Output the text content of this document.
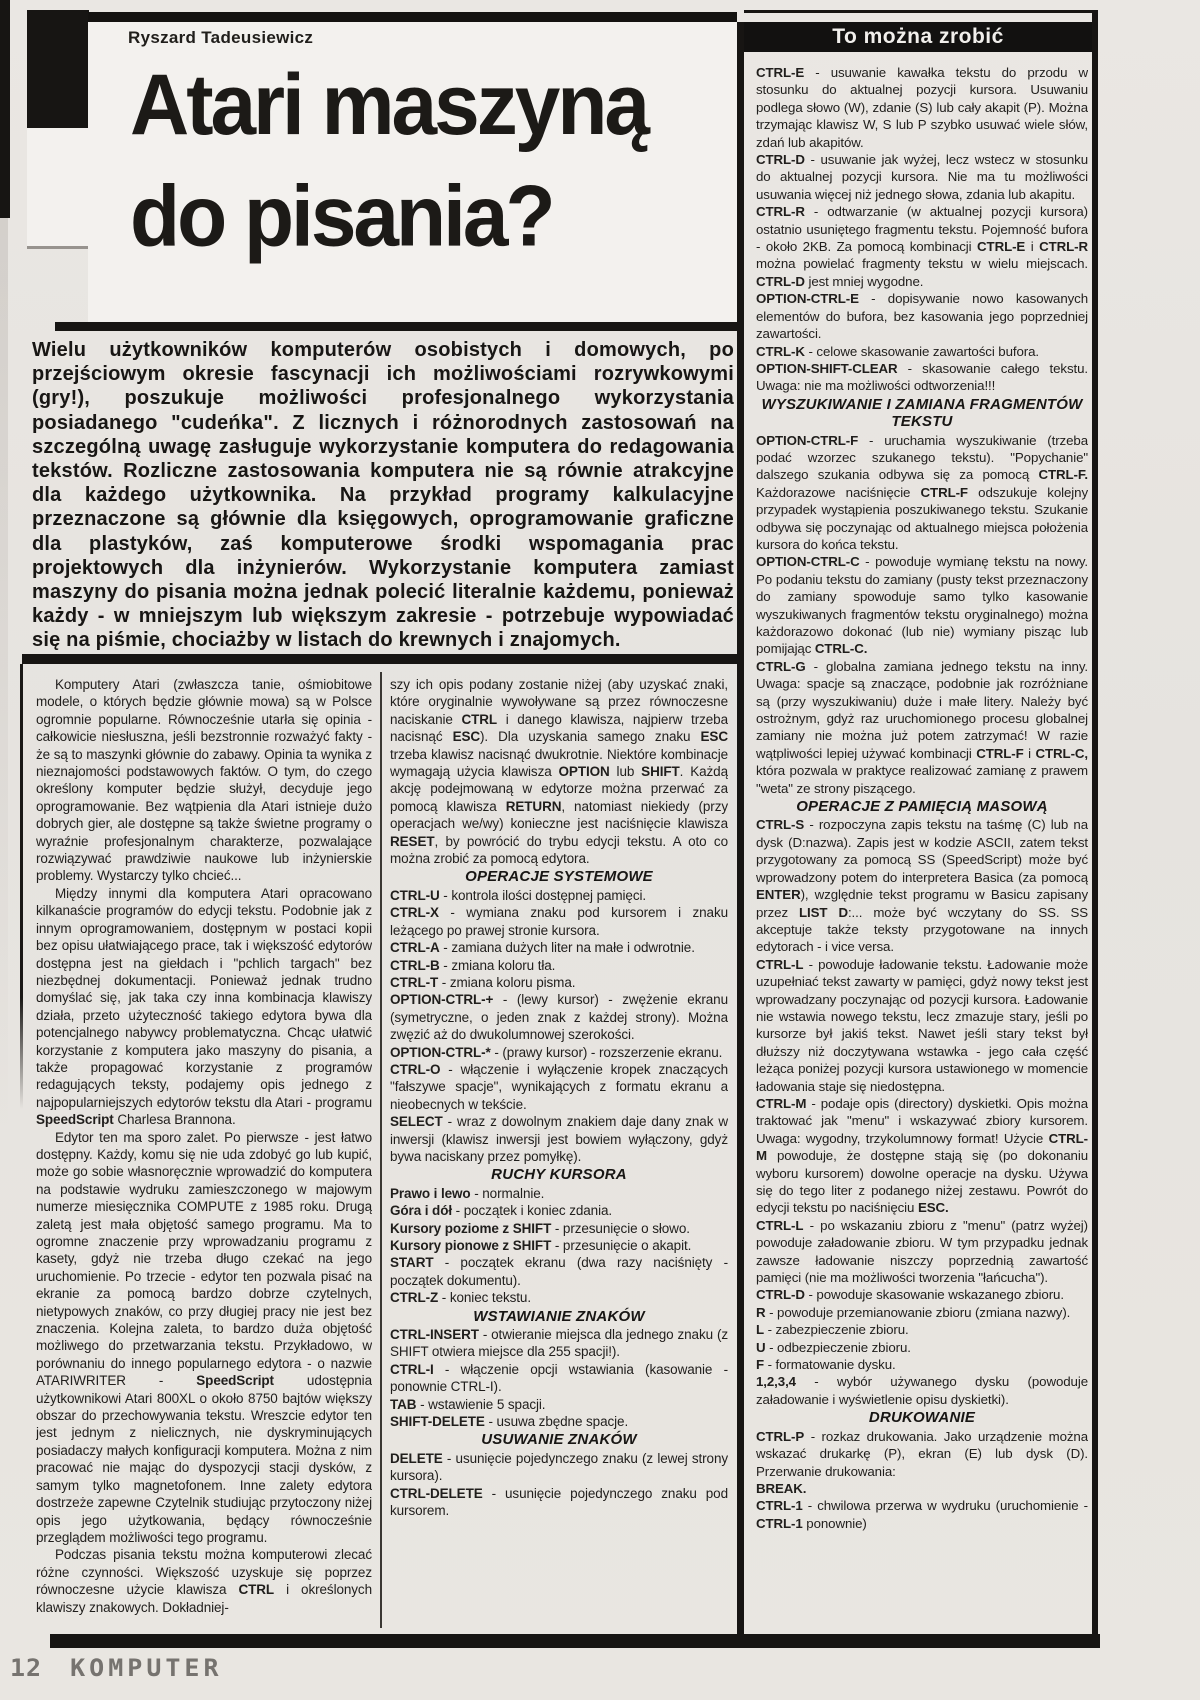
Ryszard Tadeusiewicz
Atari maszyną
do pisania?
Wielu użytkowników komputerów osobistych i domowych, po przejściowym okresie fascynacji ich możliwościami rozrywkowymi (gry!), poszukuje możliwości profesjonalnego wykorzystania posiadanego "cudeńka". Z licznych i różnorodnych zastosowań na szczególną uwagę zasługuje wykorzystanie komputera do redagowania tekstów. Rozliczne zastosowania komputera nie są równie atrakcyjne dla każdego użytkownika. Na przykład programy kalkulacyjne przeznaczone są głównie dla księgowych, oprogramowanie graficzne dla plastyków, zaś komputerowe środki wspomagania prac projektowych dla inżynierów. Wykorzystanie komputera zamiast maszyny do pisania można jednak polecić literalnie każdemu, ponieważ każdy - w mniejszym lub większym zakresie - potrzebuje wypowiadać się na piśmie, chociażby w listach do krewnych i znajomych.

Komputery Atari (zwłaszcza tanie, ośmiobitowe modele, o których będzie głównie mowa) są w Polsce ogromnie popularne. Równocześnie utarła się opinia - całkowicie niesłuszna, jeśli bezstronnie rozważyć fakty - że są to maszynki głównie do zabawy. Opinia ta wynika z nieznajomości podstawowych faktów. O tym, do czego określony komputer będzie służył, decyduje jego oprogramowanie. Bez wątpienia dla Atari istnieje dużo dobrych gier, ale dostępne są także świetne programy o wyraźnie profesjonalnym charakterze, pozwalające rozwiązywać prawdziwie naukowe lub inżynierskie problemy. Wystarczy tylko chcieć...

Między innymi dla komputera Atari opracowano kilkanaście programów do edycji tekstu. Podobnie jak z innym oprogramowaniem, dostępnym w postaci kopii bez opisu ułatwiającego prace, tak i większość edytorów dostępna jest na giełdach i "pchlich targach" bez niezbędnej dokumentacji. Ponieważ jednak trudno domyślać się, jak taka czy inna kombinacja klawiszy działa, przeto użyteczność takiego edytora bywa dla potencjalnego nabywcy problematyczna. Chcąc ułatwić korzystanie z komputera jako maszyny do pisania, a także propagować korzystanie z programów redagujących teksty, podajemy opis jednego z najpopularniejszych edytorów tekstu dla Atari - programu SpeedScript Charlesa Brannona.

Edytor ten ma sporo zalet. Po pierwsze - jest łatwo dostępny. Każdy, komu się nie uda zdobyć go lub kupić, może go sobie własnoręcznie wprowadzić do komputera na podstawie wydruku zamieszczonego w majowym numerze miesięcznika COMPUTE z 1985 roku. Drugą zaletą jest mała objętość samego programu. Ma to ogromne znaczenie przy wprowadzaniu programu z kasety, gdyż nie trzeba długo czekać na jego uruchomienie. Po trzecie - edytor ten pozwala pisać na ekranie za pomocą bardzo dobrze czytelnych, nietypowych znaków, co przy długiej pracy nie jest bez znaczenia. Kolejna zaleta, to bardzo duża objętość możliwego do przetwarzania tekstu. Przykładowo, w porównaniu do innego popularnego edytora - o nazwie ATARIWRITER - SpeedScript udostępnia użytkownikowi Atari 800XL o około 8750 bajtów większy obszar do przechowywania tekstu. Wreszcie edytor ten jest jednym z nielicznych, nie dyskryminujących posiadaczy małych konfiguracji komputera. Można z nim pracować nie mając do dyspozycji stacji dysków, z samym tylko magnetofonem. Inne zalety edytora dostrzeże zapewne Czytelnik studiując przytoczony niżej opis jego użytkowania, będący równocześnie przeglądem możliwości tego programu.

Podczas pisania tekstu można komputerowi zlecać różne czynności. Większość uzyskuje się poprzez równoczesne użycie klawisza CTRL i określonych klawiszy znakowych. Dokładniej-

szy ich opis podany zostanie niżej (aby uzyskać znaki, które oryginalnie wywoływane są przez równoczesne naciskanie CTRL i danego klawisza, najpierw trzeba nacisnąć ESC). Dla uzyskania samego znaku ESC trzeba klawisz nacisnąć dwukrotnie. Niektóre kombinacje wymagają użycia klawisza OPTION lub SHIFT. Każdą akcję podejmowaną w edytorze można przerwać za pomocą klawisza RETURN, natomiast niekiedy (przy operacjach we/wy) konieczne jest naciśnięcie klawisza RESET, by powrócić do trybu edycji tekstu. A oto co można zrobić za pomocą edytora.

OPERACJE SYSTEMOWE

CTRL-U - kontrola ilości dostępnej pamięci.

CTRL-X - wymiana znaku pod kursorem i znaku leżącego po prawej stronie kursora.

CTRL-A - zamiana dużych liter na małe i odwrotnie.

CTRL-B - zmiana koloru tła.

CTRL-T - zmiana koloru pisma.

OPTION-CTRL-+ - (lewy kursor) - zwężenie ekranu (symetryczne, o jeden znak z każdej strony). Można zwęzić aż do dwukolumnowej szerokości.

OPTION-CTRL-* - (prawy kursor) - rozszerzenie ekranu.

CTRL-O - włączenie i wyłączenie kropek znaczących "fałszywe spacje", wynikających z formatu ekranu a nieobecnych w tekście.

SELECT - wraz z dowolnym znakiem daje dany znak w inwersji (klawisz inwersji jest bowiem wyłączony, gdyż bywa naciskany przez pomyłkę).

RUCHY KURSORA

Prawo i lewo - normalnie.

Góra i dół - początek i koniec zdania.

Kursory poziome z SHIFT - przesunięcie o słowo.

Kursory pionowe z SHIFT - przesunięcie o akapit.

START - początek ekranu (dwa razy naciśnięty - początek dokumentu).

CTRL-Z - koniec tekstu.

WSTAWIANIE ZNAKÓW

CTRL-INSERT - otwieranie miejsca dla jednego znaku (z SHIFT otwiera miejsce dla 255 spacji!).

CTRL-I - włączenie opcji wstawiania (kasowanie - ponownie CTRL-I).

TAB - wstawienie 5 spacji.

SHIFT-DELETE - usuwa zbędne spacje.

USUWANIE ZNAKÓW

DELETE - usunięcie pojedynczego znaku (z lewej strony kursora).

CTRL-DELETE - usunięcie pojedynczego znaku pod kursorem.

To można zrobić

CTRL-E - usuwanie kawałka tekstu do przodu w stosunku do aktualnej pozycji kursora. Usuwaniu podlega słowo (W), zdanie (S) lub cały akapit (P). Można trzymając klawisz W, S lub P szybko usuwać wiele słów, zdań lub akapitów.

CTRL-D - usuwanie jak wyżej, lecz wstecz w stosunku do aktualnej pozycji kursora. Nie ma tu możliwości usuwania więcej niż jednego słowa, zdania lub akapitu.

CTRL-R - odtwarzanie (w aktualnej pozycji kursora) ostatnio usuniętego fragmentu tekstu. Pojemność bufora - około 2KB. Za pomocą kombinacji CTRL-E i CTRL-R można powielać fragmenty tekstu w wielu miejscach. CTRL-D jest mniej wygodne.

OPTION-CTRL-E - dopisywanie nowo kasowanych elementów do bufora, bez kasowania jego poprzedniej zawartości.

CTRL-K - celowe skasowanie zawartości bufora.

OPTION-SHIFT-CLEAR - skasowanie całego tekstu. Uwaga: nie ma możliwości odtworzenia!!!

WYSZUKIWANIE I ZAMIANA FRAGMENTÓW TEKSTU

OPTION-CTRL-F - uruchamia wyszukiwanie (trzeba podać wzorzec szukanego tekstu). "Popychanie" dalszego szukania odbywa się za pomocą CTRL-F. Każdorazowe naciśnięcie CTRL-F odszukuje kolejny przypadek wystąpienia poszukiwanego tekstu. Szukanie odbywa się poczynając od aktualnego miejsca położenia kursora do końca tekstu.

OPTION-CTRL-C - powoduje wymianę tekstu na nowy. Po podaniu tekstu do zamiany (pusty tekst przeznaczony do zamiany spowoduje samo tylko kasowanie wyszukiwanych fragmentów tekstu oryginalnego) można każdorazowo dokonać (lub nie) wymiany pisząc lub pomijając CTRL-C.

CTRL-G - globalna zamiana jednego tekstu na inny. Uwaga: spacje są znaczące, podobnie jak rozróżniane są (przy wyszukiwaniu) duże i małe litery. Należy być ostrożnym, gdyż raz uruchomionego procesu globalnej zamiany nie można już potem zatrzymać! W razie wątpliwości lepiej używać kombinacji CTRL-F i CTRL-C, która pozwala w praktyce realizować zamianę z prawem "weta" ze strony piszącego.

OPERACJE Z PAMIĘCIĄ MASOWĄ

CTRL-S - rozpoczyna zapis tekstu na taśmę (C) lub na dysk (D:nazwa). Zapis jest w kodzie ASCII, zatem tekst przygotowany za pomocą SS (SpeedScript) może być wprowadzony potem do interpretera Basica (za pomocą ENTER), względnie tekst programu w Basicu zapisany przez LIST D:... może być wczytany do SS. SS akceptuje także teksty przygotowane na innych edytorach - i vice versa.

CTRL-L - powoduje ładowanie tekstu. Ładowanie może uzupełniać tekst zawarty w pamięci, gdyż nowy tekst jest wprowadzany poczynając od pozycji kursora. Ładowanie nie wstawia nowego tekstu, lecz zmazuje stary, jeśli po kursorze był jakiś tekst. Nawet jeśli stary tekst był dłuższy niż doczytywana wstawka - jego cała część leżąca poniżej pozycji kursora ustawionego w momencie ładowania staje się niedostępna.

CTRL-M - podaje opis (directory) dyskietki. Opis można traktować jak "menu" i wskazywać zbiory kursorem. Uwaga: wygodny, trzykolumnowy format! Użycie CTRL-M powoduje, że dostępne stają się (po dokonaniu wyboru kursorem) dowolne operacje na dysku. Używa się do tego liter z podanego niżej zestawu. Powrót do edycji tekstu po naciśnięciu ESC.

CTRL-L - po wskazaniu zbioru z "menu" (patrz wyżej) powoduje załadowanie zbioru. W tym przypadku jednak zawsze ładowanie niszczy poprzednią zawartość pamięci (nie ma możliwości tworzenia "łańcucha").

CTRL-D - powoduje skasowanie wskazanego zbioru.

R - powoduje przemianowanie zbioru (zmiana nazwy).

L - zabezpieczenie zbioru.

U - odbezpieczenie zbioru.

F - formatowanie dysku.

1,2,3,4 - wybór używanego dysku (powoduje załadowanie i wyświetlenie opisu dyskietki).

DRUKOWANIE

CTRL-P - rozkaz drukowania. Jako urządzenie można wskazać drukarkę (P), ekran (E) lub dysk (D). Przerwanie drukowania:

BREAK.

CTRL-1 - chwilowa przerwa w wydruku (uruchomienie - CTRL-1 ponownie)

12 KOMPUTER
